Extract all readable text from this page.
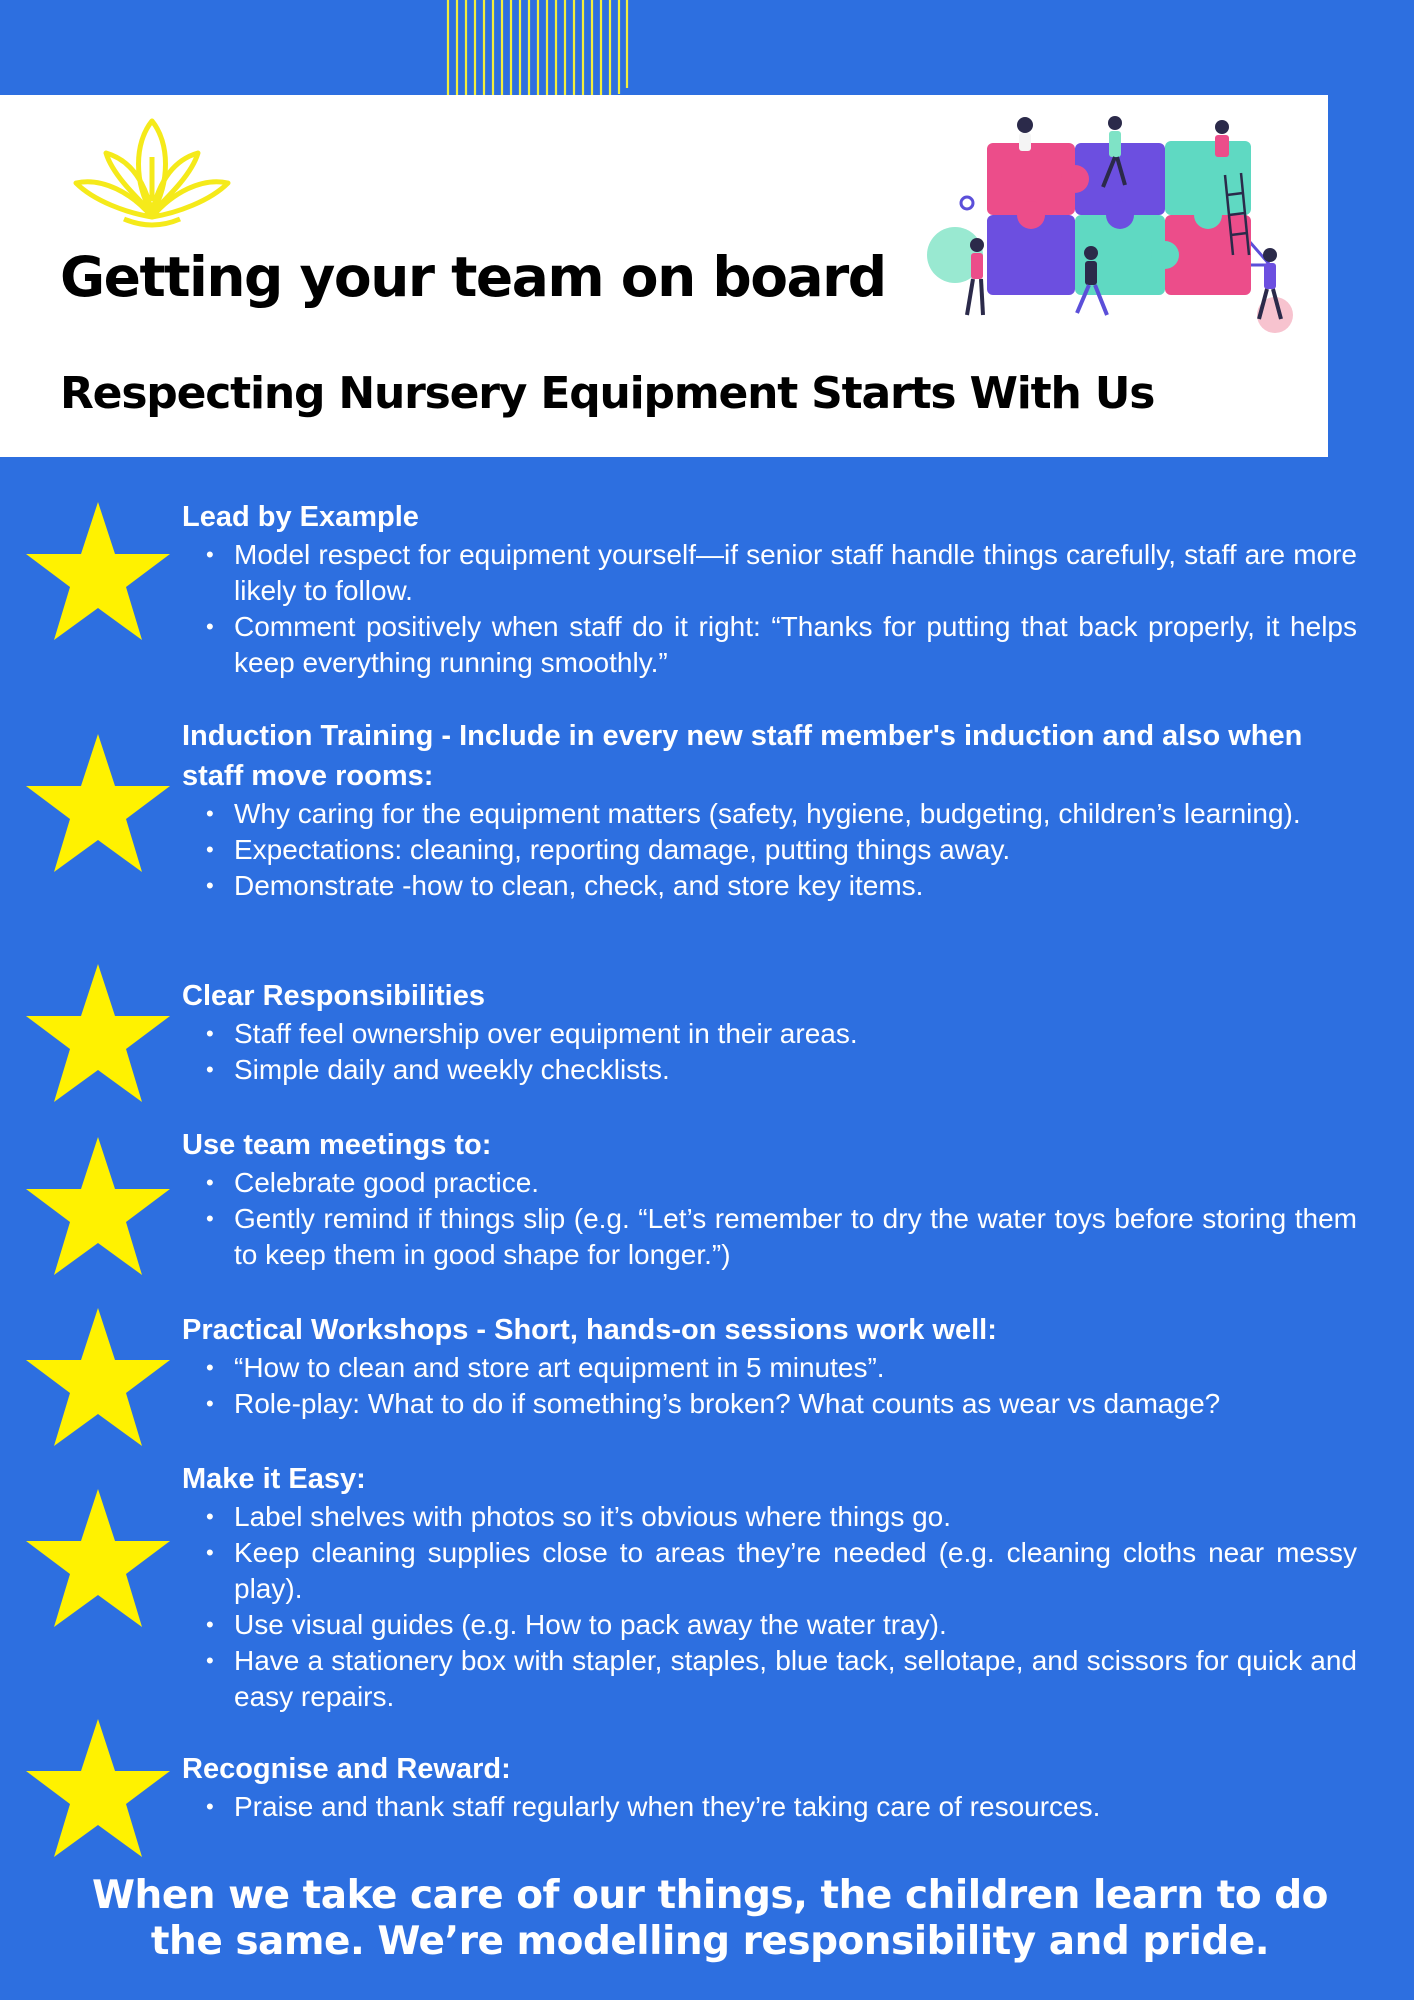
Getting your team on board
Respecting Nursery Equipment Starts With Us

Lead by Example

• Model respect for equipment yourself—if senior staff handle things carefully, staff are more likely to follow.
• Comment positively when staff do it right: “Thanks for putting that back properly, it helps keep everything running smoothly.”

Induction Training - Include in every new staff member's induction and also when staff move rooms:

• Why caring for the equipment matters (safety, hygiene, budgeting, children’s learning).
• Expectations: cleaning, reporting damage, putting things away.
• Demonstrate -how to clean, check, and store key items.

Clear Responsibilities

• Staff feel ownership over equipment in their areas.
• Simple daily and weekly checklists.

Use team meetings to:

• Celebrate good practice.
• Gently remind if things slip (e.g. “Let’s remember to dry the water toys before storing them to keep them in good shape for longer.”)

Practical Workshops - Short, hands-on sessions work well:

• “How to clean and store art equipment in 5 minutes”.
• Role-play: What to do if something’s broken? What counts as wear vs damage?

Make it Easy:

• Label shelves with photos so it’s obvious where things go.
• Keep cleaning supplies close to areas they’re needed (e.g. cleaning cloths near messy play).
• Use visual guides (e.g. How to pack away the water tray).
• Have a stationery box with stapler, staples, blue tack, sellotape, and scissors for quick and easy repairs.

Recognise and Reward:

• Praise and thank staff regularly when they’re taking care of resources.
When we take care of our things, the children learn to do
the same. We’re modelling responsibility and pride.
